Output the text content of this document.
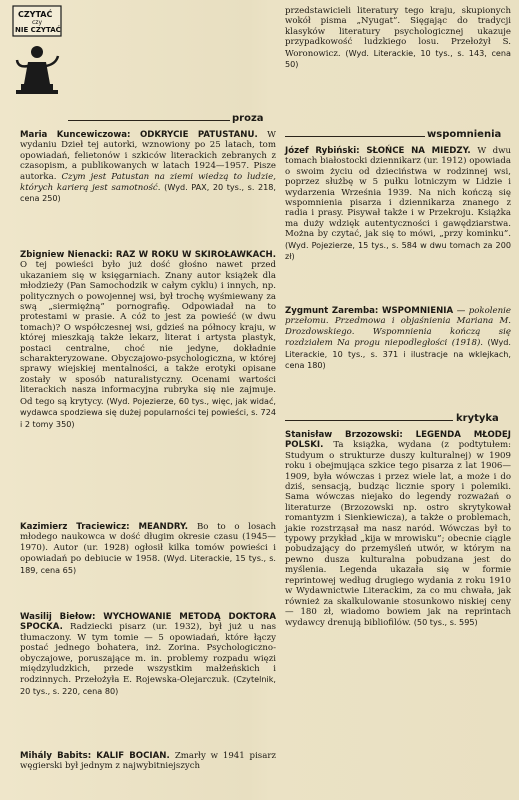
CZYTAĆ
czy
NIE CZYTAĆ
proza
Maria Kuncewiczowa: ODKRYCIE PATUSTANU. W wydaniu Dzieł tej autorki, wznowiony po 25 latach, tom opowiadań, felietonów i szkiców literackich zebranych z czasopism, a publikowanych w latach 1924—1957. Pisze autorka. Czym jest Patustan na ziemi wiedzą to ludzie, których karierą jest samotność. (Wyd. PAX, 20 tys., s. 218, cena 250)
Zbigniew Nienacki: RAZ W ROKU W SKIROŁAWKACH. O tej powieści było już dość głośno nawet przed ukazaniem się w księgarniach. Znany autor książek dla młodzieży (Pan Samochodzik w całym cyklu) i innych, np. politycznych o powojennej wsi, był trochę wyśmiewany za swą „siermiężną” pornografię. Odpowiadał na to protestami w prasie. A cóż to jest za powieść (w dwu tomach)? O współczesnej wsi, gdzieś na północy kraju, w której mieszkają także lekarz, literat i artysta plastyk, postaci centralne, choć nie jedyne, dokładnie scharakteryzowane. Obyczajowo-psychologiczna, w której sprawy wiejskiej mentalności, a także erotyki opisane zostały w sposób naturalistyczny. Ocenami wartości literackich nasza informacyjna rubryka się nie zajmuje. Od tego są krytycy. (Wyd. Pojezierze, 60 tys., więc, jak widać, wydawca spodziewa się dużej popularności tej powieści, s. 724 i 2 tomy 350)
Kazimierz Traciewicz: MEANDRY. Bo to o losach młodego naukowca w dość długim okresie czasu (1945—1970). Autor (ur. 1928) ogłosił kilka tomów powieści i opowiadań po debiucie w 1958. (Wyd. Literackie, 15 tys., s. 189, cena 65)
Wasilij Biełow: WYCHOWANIE METODĄ DOKTORA SPOCKA. Radziecki pisarz (ur. 1932), był już u nas tłumaczony. W tym tomie — 5 opowiadań, które łączy postać jednego bohatera, inż. Zorina. Psychologiczno-obyczajowe, poruszające m. in. problemy rozpadu więzi międzyludzkich, przede wszystkim małżeńskich i rodzinnych. Przełożyła E. Rojewska-Olejarczuk. (Czytelnik, 20 tys., s. 220, cena 80)
Mihály Babits: KALIF BOCIAN. Zmarły w 1941 pisarz węgierski był jednym z najwybitniejszych
przedstawicieli literatury tego kraju, skupionych wokół pisma „Nyugat”. Sięgając do tradycji klasyków literatury psychologicznej ukazuje przypadkowość ludzkiego losu. Przełożył S. Woronowicz. (Wyd. Literackie, 10 tys., s. 143, cena 50)
wspomnienia
Józef Rybiński: SŁOŃCE NA MIEDZY. W dwu tomach białostocki dziennikarz (ur. 1912) opowiada o swoim życiu od dzieciństwa w rodzinnej wsi, poprzez służbę w 5 pułku lotniczym w Lidzie i wydarzenia Września 1939. Na nich kończą się wspomnienia pisarza i dziennikarza znanego z radia i prasy. Pisywał także i w Przekroju. Książka ma duży wdzięk autentyczności i gawędziarstwa. Można by czytać, jak się to mówi, „przy kominku”. (Wyd. Pojezierze, 15 tys., s. 584 w dwu tomach za 200 zł)
Zygmunt Zaremba: WSPOMNIENIA — pokolenie przełomu. Przedmowa i objaśnienia Mariana M. Drozdowskiego. Wspomnienia kończą się rozdziałem Na progu niepodległości (1918). (Wyd. Literackie, 10 tys., s. 371 i ilustracje na wklejkach, cena 180)
krytyka
Stanisław Brzozowski: LEGENDA MŁODEJ POLSKI. Ta książka, wydana (z podtytułem: Studyum o strukturze duszy kulturalnej) w 1909 roku i obejmująca szkice tego pisarza z lat 1906—1909, była wówczas i przez wiele lat, a może i do dziś, sensacją, budząc licznie spory i polemiki. Sama wówczas niejako do legendy rozważań o literaturze (Brzozowski np. ostro skrytykował romantyzm i Sienkiewicza), a także o problemach, jakie rozstrząsał ma nasz naród. Wówczas był to typowy przykład „kija w mrowisku”; obecnie ciągle pobudzający do przemyśleń utwór, w którym na pewno dusza kulturalna pobudzana jest do myślenia. Legenda ukazała się w formie reprintowej według drugiego wydania z roku 1910 w Wydawnictwie Literackim, za co mu chwała, jak również za skalkulowanie stosunkowo niskiej ceny — 180 zł, wiadomo bowiem jak na reprintach wydawcy drenują bibliofilów. (50 tys., s. 595)
